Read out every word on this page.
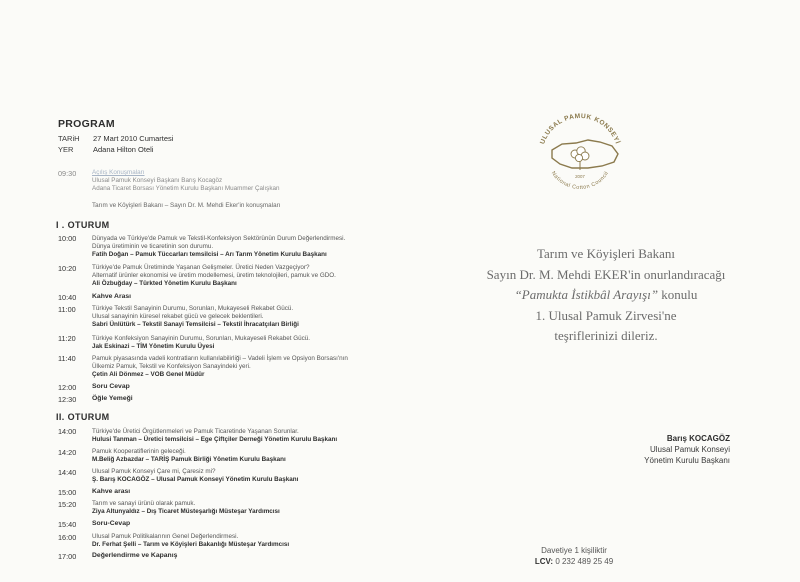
PROGRAM
TARiH 27 Mart 2010 Cumartesi
YER	Adana Hilton Oteli
09:30 Açılış Konuşmaları
Ulusal Pamuk Konseyi Başkanı Barış Kocagöz
Adana Ticaret Borsası Yönetim Kurulu Başkanı Muammer Çalışkan
Tarım ve Köyişleri Bakanı – Sayın Dr. M. Mehdi Eker'in konuşmaları
I . OTURUM
10:00 Dünyada ve Türkiye'de Pamuk ve Tekstil-Konfeksiyon Sektörünün Durum Değerlendirmesi.
Dünya üretiminin ve ticaretinin son durumu.
Fatih Doğan – Pamuk Tüccarları temsilcisi – Arı Tarım Yönetim Kurulu Başkanı
10:20 Türkiye'de Pamuk Üretiminde Yaşanan Gelişmeler. Üretici Neden Vazgeçiyor?
Alternatif ürünler ekonomisi ve üretim modellemesi, üretim teknolojileri, pamuk ve GDO.
Ali Özbuğday – Türkted Yönetim Kurulu Başkanı
10:40 Kahve Arası
11:00	Türkiye Tekstil Sanayinin Durumu, Sorunları, Mukayeseli Rekabet Gücü.
Ulusal sanayinin küresel rekabet gücü ve gelecek beklentileri.
Sabri Ünlütürk – Tekstil Sanayi Temsilcisi – Tekstil İhracatçıları Birliği
11:20	Türkiye Konfeksiyon Sanayinin Durumu, Sorunları, Mukayeseli Rekabet Gücü.
Jak Eskinazi – TİM Yönetim Kurulu Üyesi
11:40	Pamuk piyasasında vadeli kontratların kullanılabilirliği – Vadeli İşlem ve Opsiyon Borsası'nın
Ülkemiz Pamuk, Tekstil ve Konfeksiyon Sanayindeki yeri.
Çetin Ali Dönmez – VOB Genel Müdür
12:00 Soru Cevap
12:30 Öğle Yemeği
II. OTURUM
14:00 Türkiye'de Üretici Örgütlenmeleri ve Pamuk Ticaretinde Yaşanan Sorunlar.
Hulusi Tanman – Üretici temsilcisi – Ege Çiftçiler Derneği Yönetim Kurulu Başkanı
14:20 Pamuk Kooperatiflerinin geleceği.
M.Beliğ Azbazdar – TARİŞ Pamuk Birliği Yönetim Kurulu Başkanı
14:40 Ulusal Pamuk Konseyi Çare mi, Çaresiz mi?
Ş. Barış KOCAGÖZ – Ulusal Pamuk Konseyi Yönetim Kurulu Başkanı
15:00 Kahve arası
15:20 Tarım ve sanayi ürünü olarak pamuk.
Ziya Altunyaldız – Dış Ticaret Müsteşarlığı Müsteşar Yardımcısı
15:40 Soru-Cevap
16:00 Ulusal Pamuk Politikalarının Genel Değerlendirmesi.
Dr. Ferhat Şelli – Tarım ve Köyişleri Bakanlığı Müsteşar Yardımcısı
17:00 Değerlendirme ve Kapanış
ULUSAL PAMUK KONSEYİ
National Cotton Council
2007
Tarım ve Köyişleri Bakanı
Sayın Dr. M. Mehdi EKER'in onurlandıracağı
“Pamukta İstikbâl Arayışı” konulu
1. Ulusal Pamuk Zirvesi'ne
teşriflerinizi dileriz.
Barış KOCAGÖZ
Ulusal Pamuk Konseyi
Yönetim Kurulu Başkanı
Davetiye 1 kişiliktir
LCV: 0 232 489 25 49
